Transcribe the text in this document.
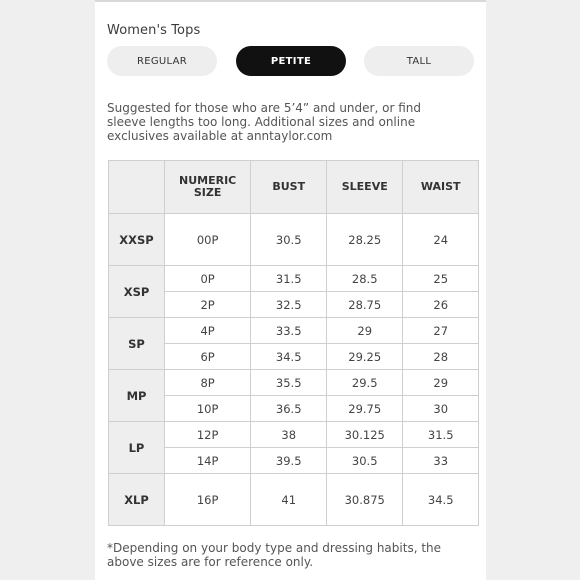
Women's Tops
REGULAR	PETITE	TALL
Suggested for those who are 5’4” and under, or find sleeve lengths too long. Additional sizes and online exclusives available at anntaylor.com
	NUMERIC SIZE	BUST	SLEEVE	WAIST
XXSP	00P	30.5	28.25	24
XSP	0P	31.5	28.5	25
	2P	32.5	28.75	26
SP	4P	33.5	29	27
	6P	34.5	29.25	28
MP	8P	35.5	29.5	29
	10P	36.5	29.75	30
LP	12P	38	30.125	31.5
	14P	39.5	30.5	33
XLP	16P	41	30.875	34.5
*Depending on your body type and dressing habits, the above sizes are for reference only.
